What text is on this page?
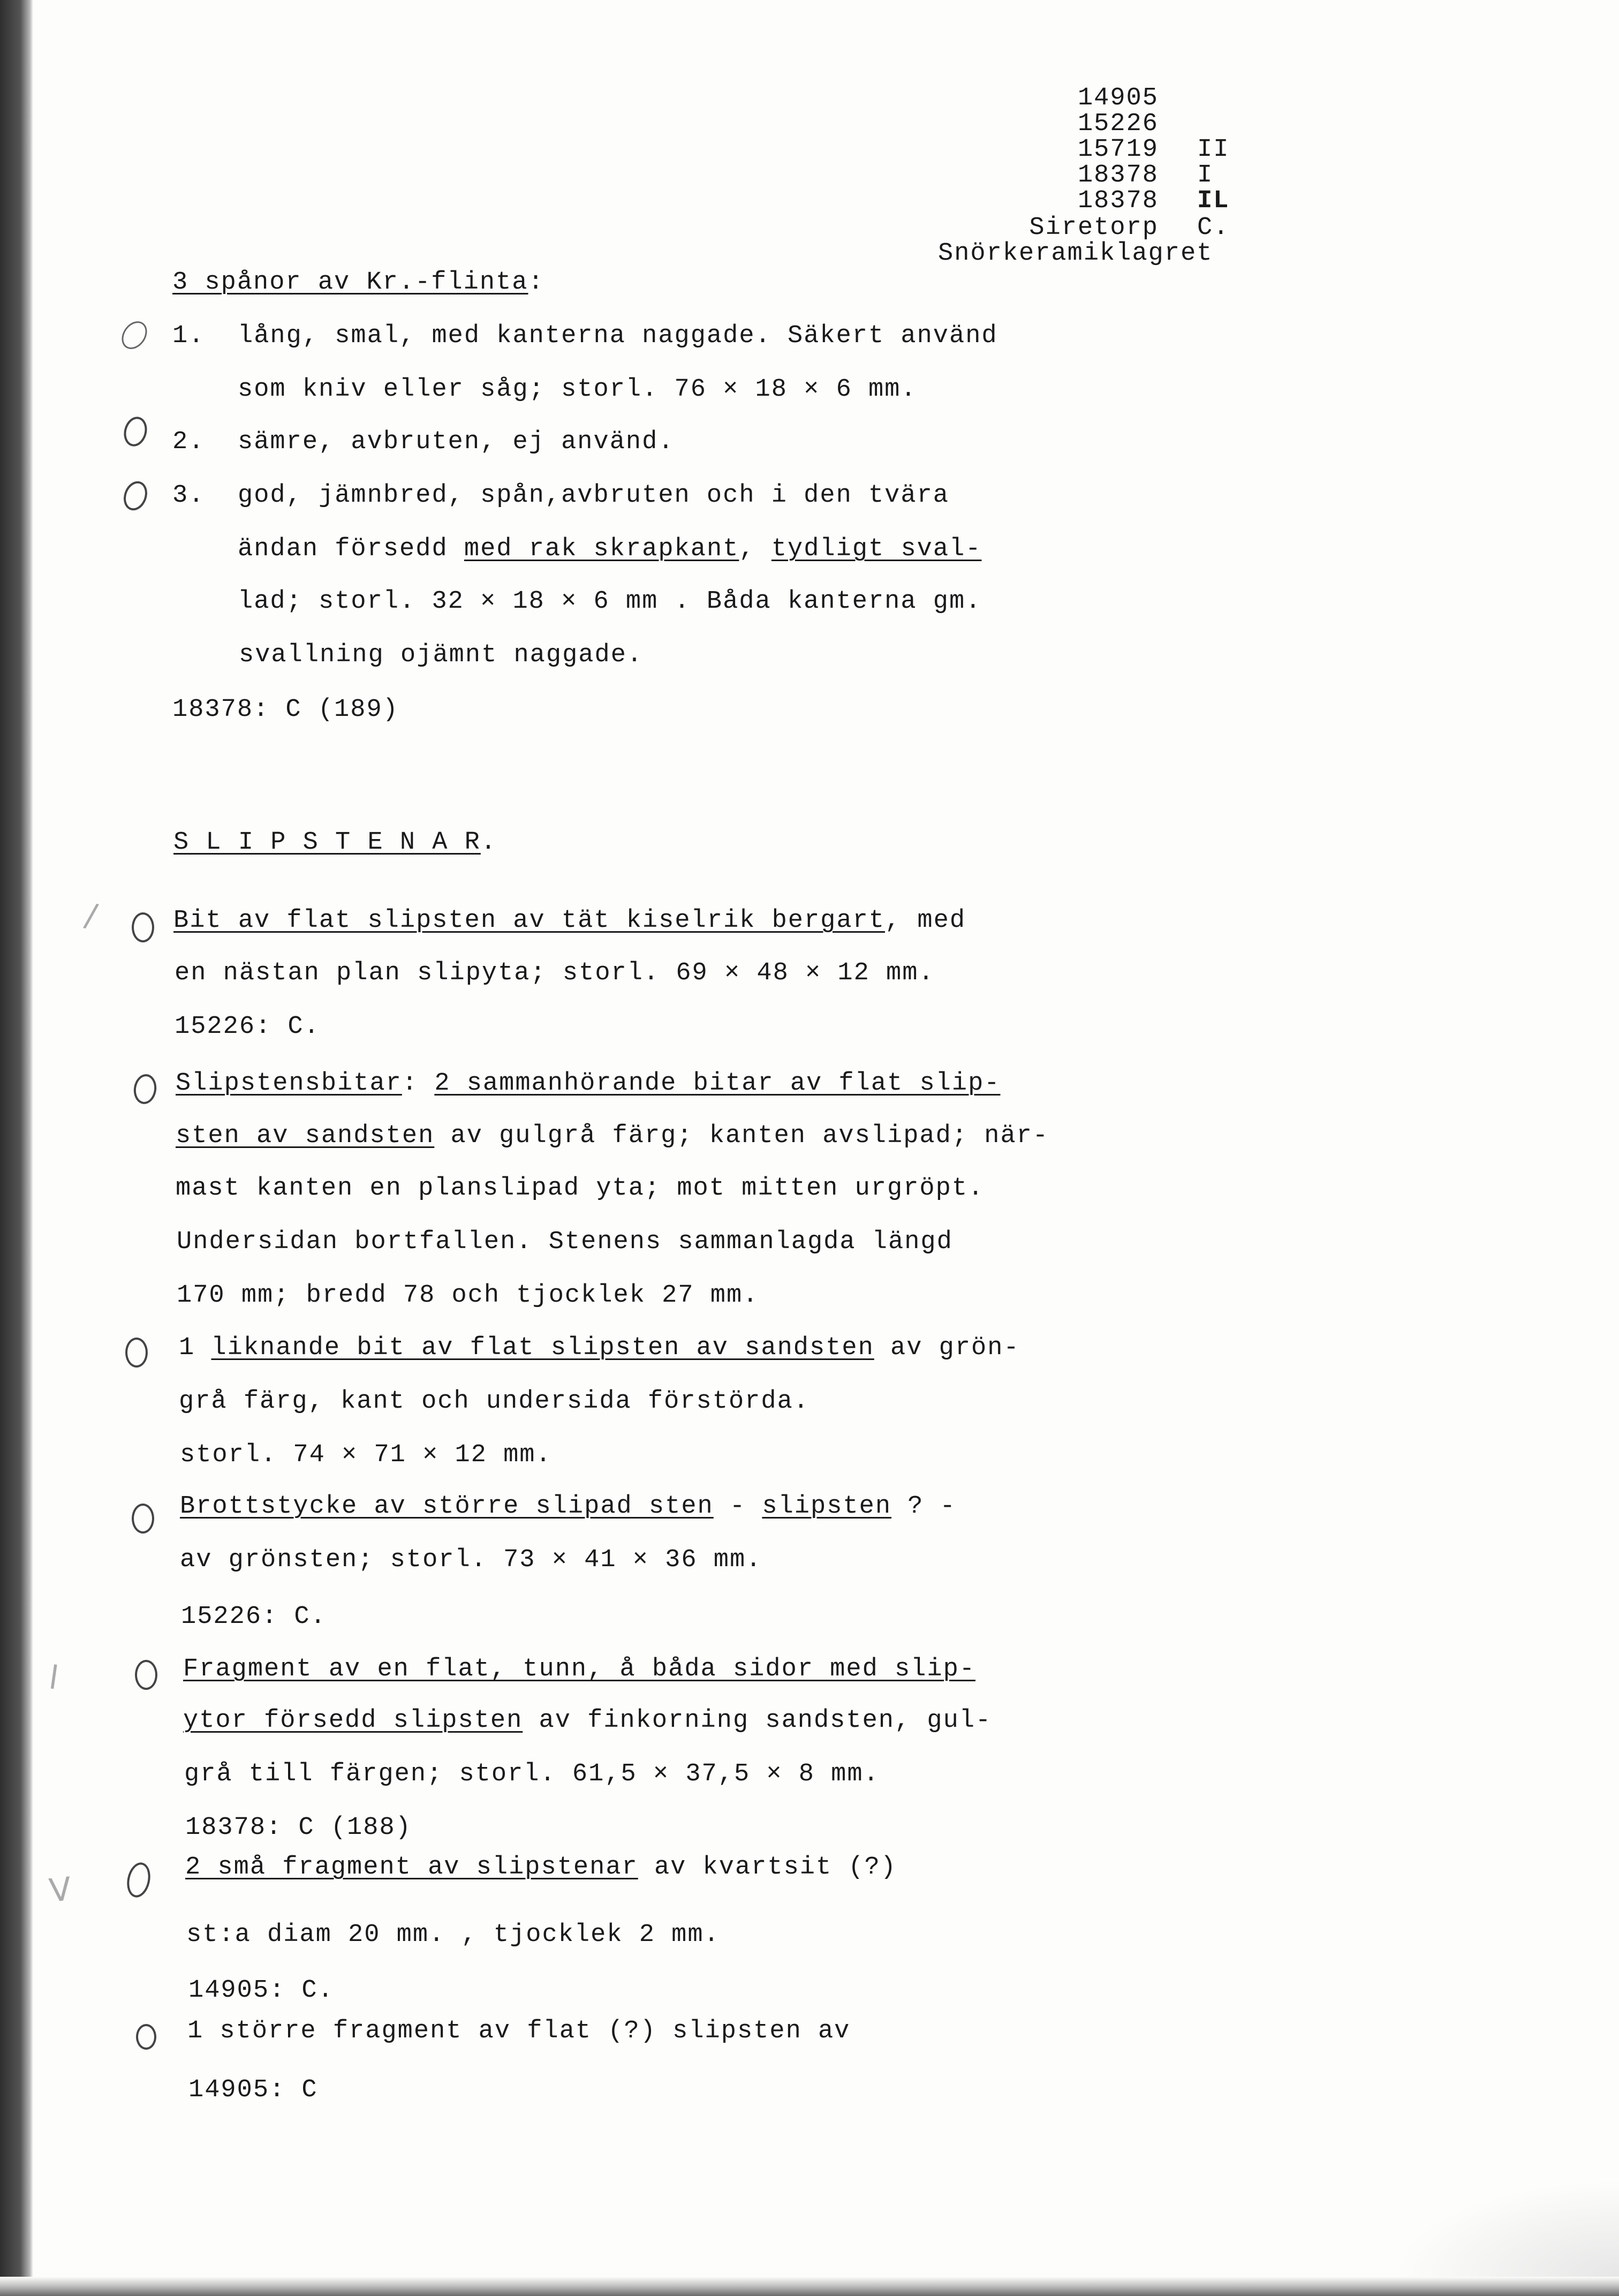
14905
15226
15719 II
18378 I
18378 IL
Siretorp C.
Snörkeramiklagret
3 spånor av Kr.-flinta:
1. lång, smal, med kanterna naggade. Säkert använd
som kniv eller såg; storl. 76 × 18 × 6 mm.
2. sämre, avbruten, ej använd.
3. god, jämnbred, spån,avbruten och i den tvära
ändan försedd med rak skrapkant, tydligt sval-
lad; storl. 32 × 18 × 6 mm . Båda kanterna gm.
svallning ojämnt naggade.
18378: C (189)
S L I P S T E N A R.
/	Bit av flat slipsten av tät kiselrik bergart, med
en nästan plan slipyta; storl. 69 × 48 × 12 mm.
15226: C.
Slipstensbitar: 2 sammanhörande bitar av flat slip-
sten av sandsten av gulgrå färg; kanten avslipad; när-
mast kanten en planslipad yta; mot mitten urgröpt.
Undersidan bortfallen. Stenens sammanlagda längd
170 mm; bredd 78 och tjocklek 27 mm.
1 liknande bit av flat slipsten av sandsten av grön-
grå färg, kant och undersida förstörda.
storl. 74 × 71 × 12 mm.
Brottstycke av större slipad sten - slipsten ? -
av grönsten; storl. 73 × 41 × 36 mm.
15226: C.
l	Fragment av en flat, tunn, å båda sidor med slip-
ytor försedd slipsten av finkorning sandsten, gul-
grå till färgen; storl. 61,5 × 37,5 × 8 mm.
18378: C (188)
V
2 små fragment av slipstenar av kvartsit (?)
st:a diam 20 mm. , tjocklek 2 mm.
14905: C.
1 större fragment av flat (?) slipsten av
14905: C
